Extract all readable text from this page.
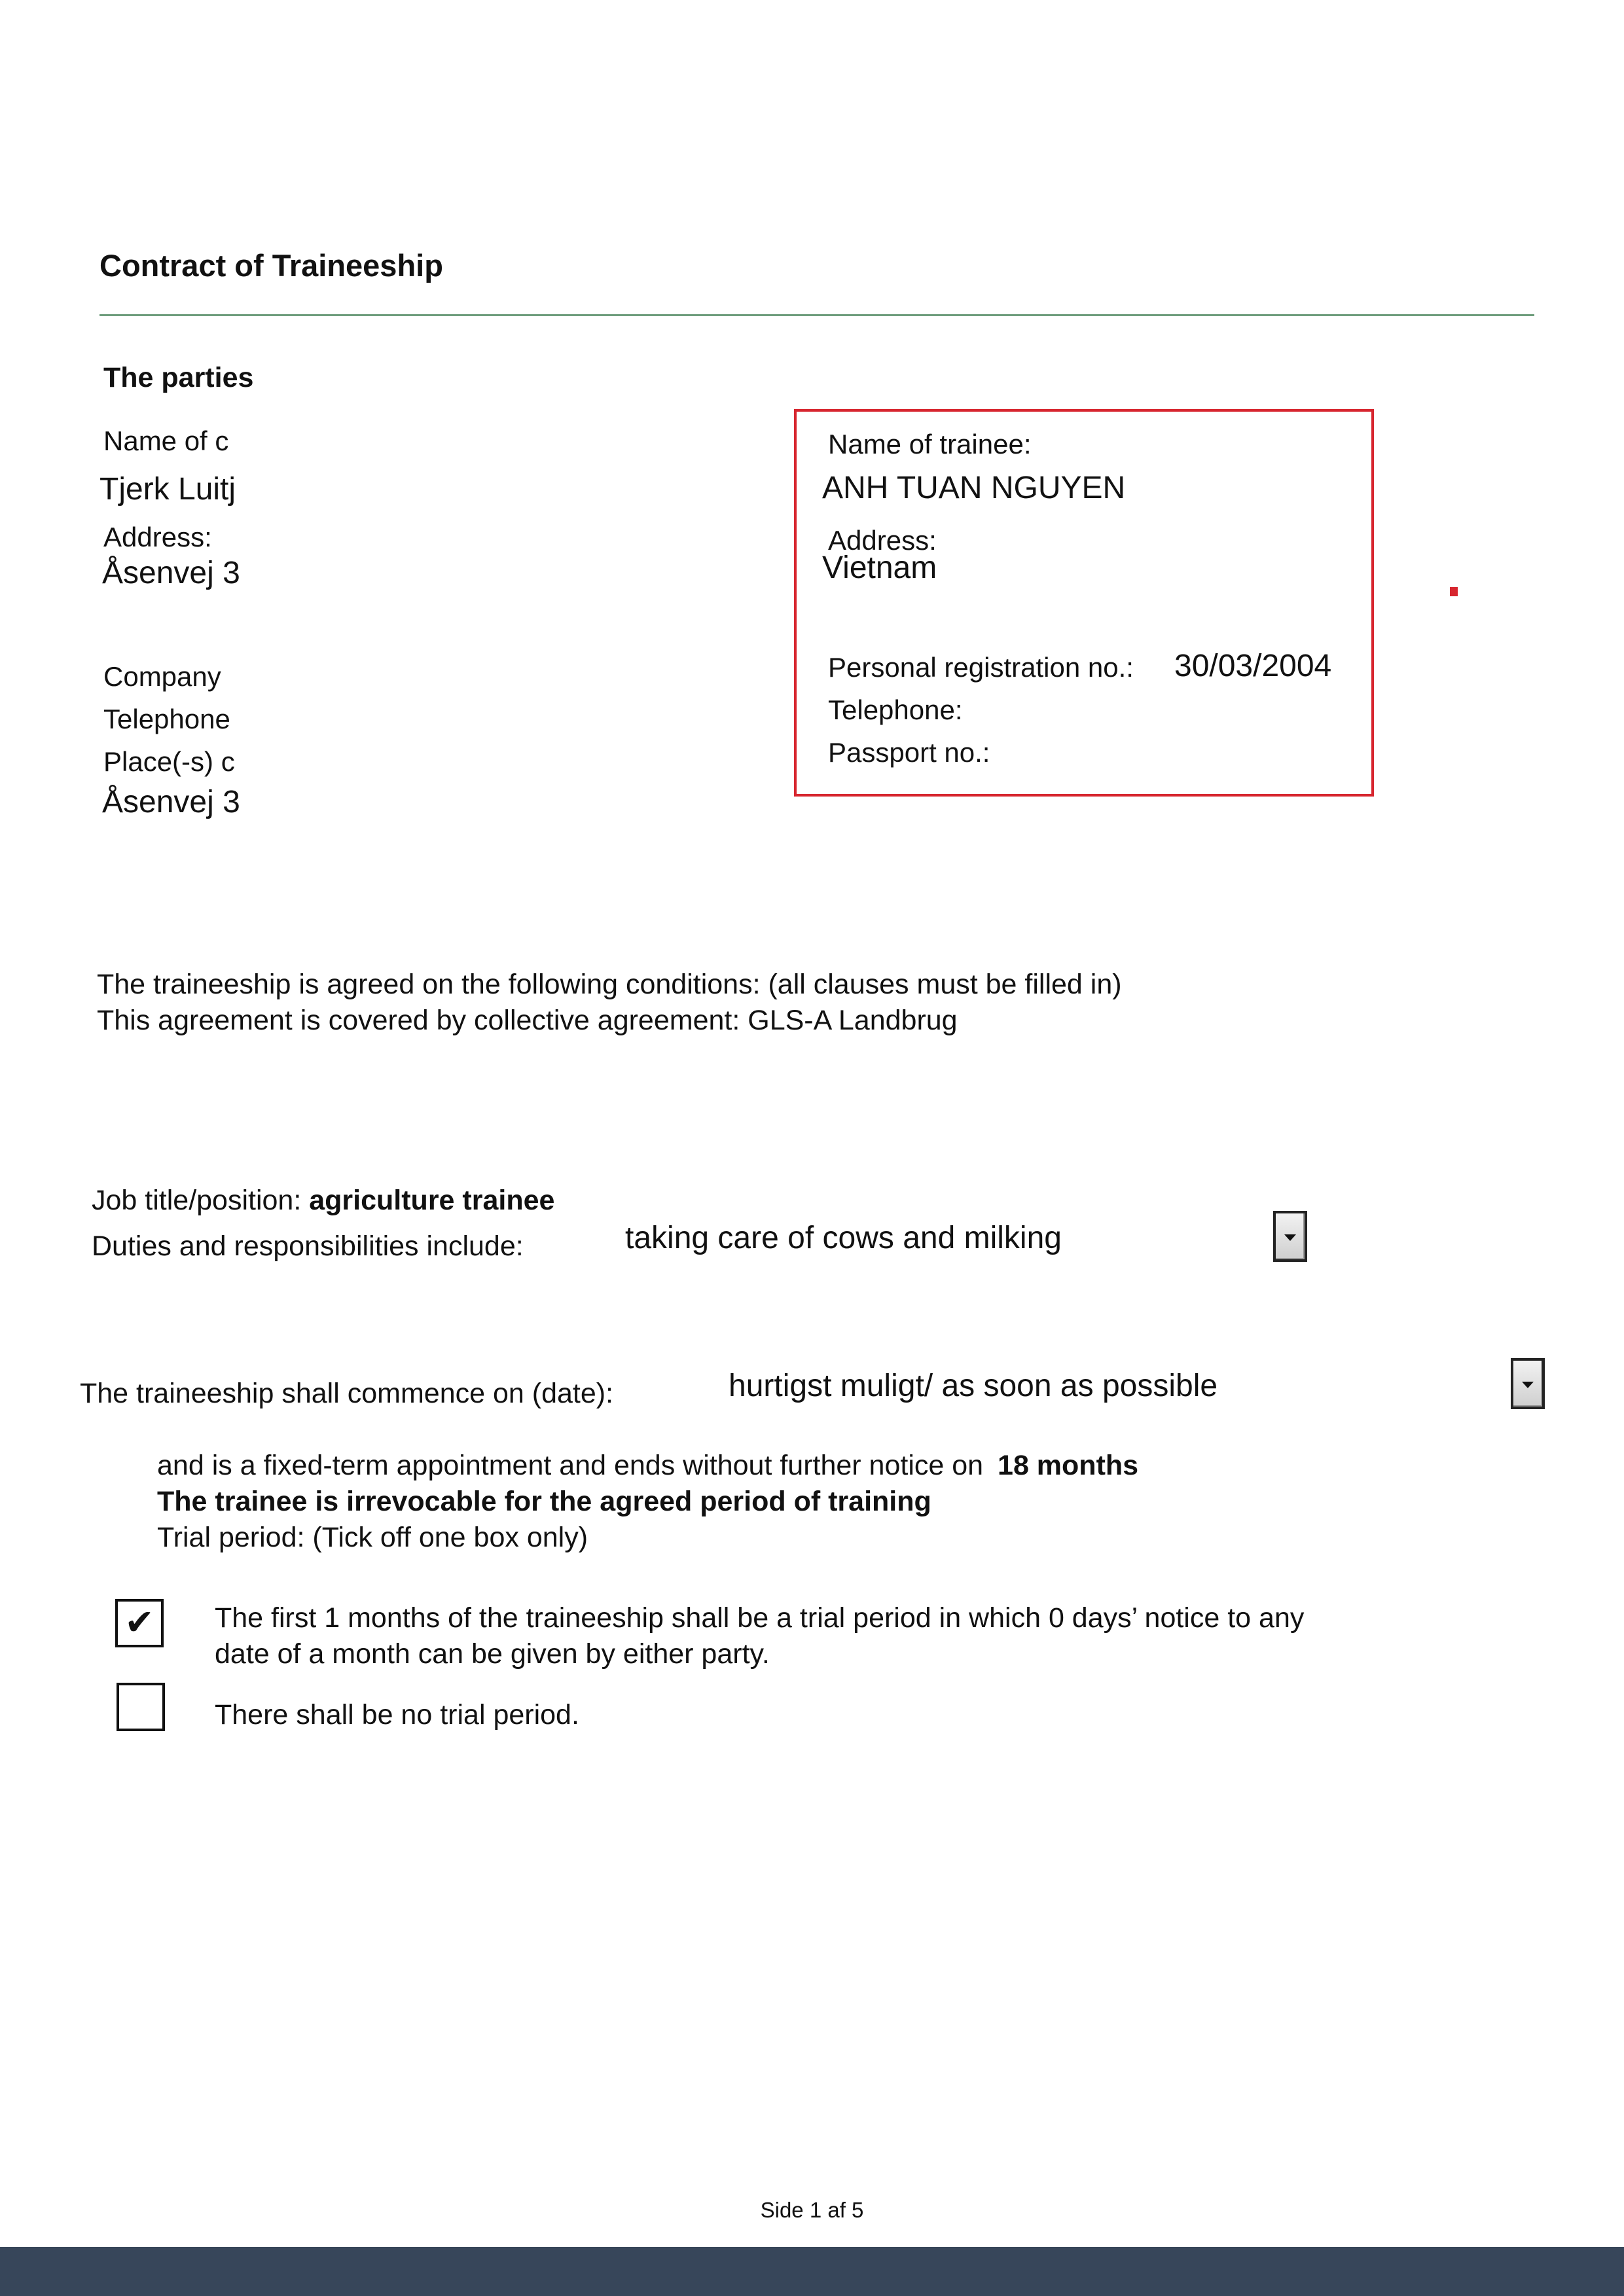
Contract of Traineeship
The parties
Name of c
Tjerk Luitj
Address:
Åsenvej 3
Company
Telephone
Place(-s) c
Åsenvej 3
Name of trainee:
ANH TUAN NGUYEN
Address:
Vietnam
Personal registration no.: 30/03/2004
Telephone:
Passport no.:
The traineeship is agreed on the following conditions: (all clauses must be filled in)
This agreement is covered by collective agreement: GLS-A Landbrug
Job title/position: agriculture trainee
Duties and responsibilities include:	taking care of cows and milking
The traineeship shall commence on (date):	hurtigst muligt/ as soon as possible
and is a fixed-term appointment and ends without further notice on 18 months
The trainee is irrevocable for the agreed period of training
Trial period: (Tick off one box only)
✔	The first 1 months of the traineeship shall be a trial period in which 0 days’ notice to any
date of a month can be given by either party.
There shall be no trial period.
Side 1 af 5
